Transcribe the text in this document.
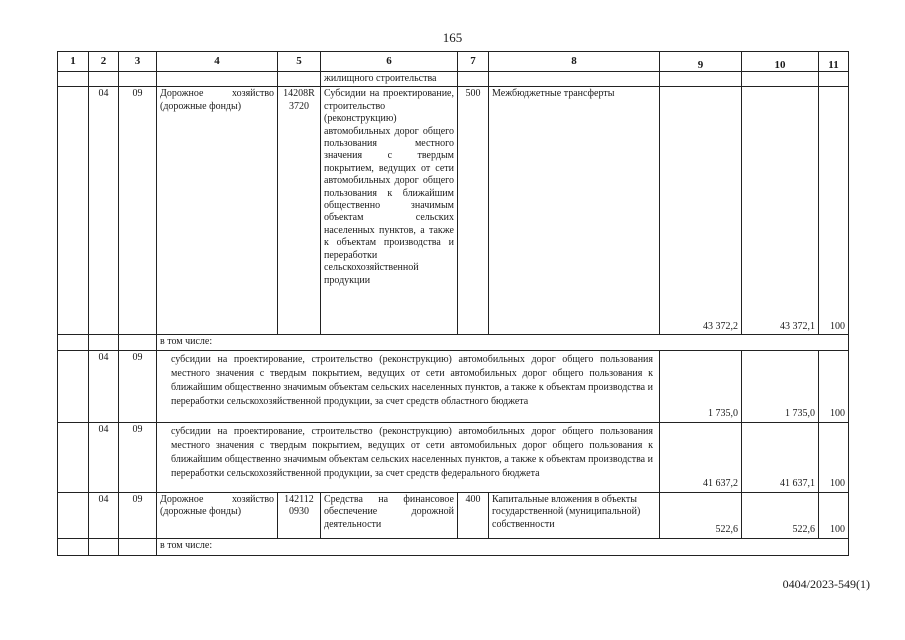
165
1	2	3	4	5	6	7	8	9	10	11
					жилищного строительства					
	04	09	Дорожное хозяйство (дорожные фонды)	14208R 3720	Субсидии на проектирование, строительство (реконструкцию) автомобильных дорог общего пользования местного значения с твердым покрытием, ведущих от сети автомобильных дорог общего пользования к ближайшим общественно значимым объектам сельских населенных пунктов, а также к объектам производства и переработки сельскохозяйственной продукции	500	Межбюджетные трансферты	43 372,2	43 372,1	100
			в том числе:							
	04	09	субсидии на проектирование, строительство (реконструкцию) автомобильных дорог общего пользования местного значения с твердым покрытием, ведущих от сети автомобильных дорог общего пользования к ближайшим общественно значимым объектам сельских населенных пунктов, а также к объектам производства и переработки сельскохозяйственной продукции, за счет средств областного бюджета					1 735,0	1 735,0	100
	04	09	субсидии на проектирование, строительство (реконструкцию) автомобильных дорог общего пользования местного значения с твердым покрытием, ведущих от сети автомобильных дорог общего пользования к ближайшим общественно значимым объектам сельских населенных пунктов, а также к объектам производства и переработки сельскохозяйственной продукции, за счет средств федерального бюджета					41 637,2	41 637,1	100
	04	09	Дорожное хозяйство (дорожные фонды)	142112 0930	Средства на финансовое обеспечение дорожной деятельности	400	Капитальные вложения в объекты государственной (муниципальной) собственности	522,6	522,6	100
			в том числе:							
0404/2023-549(1)
